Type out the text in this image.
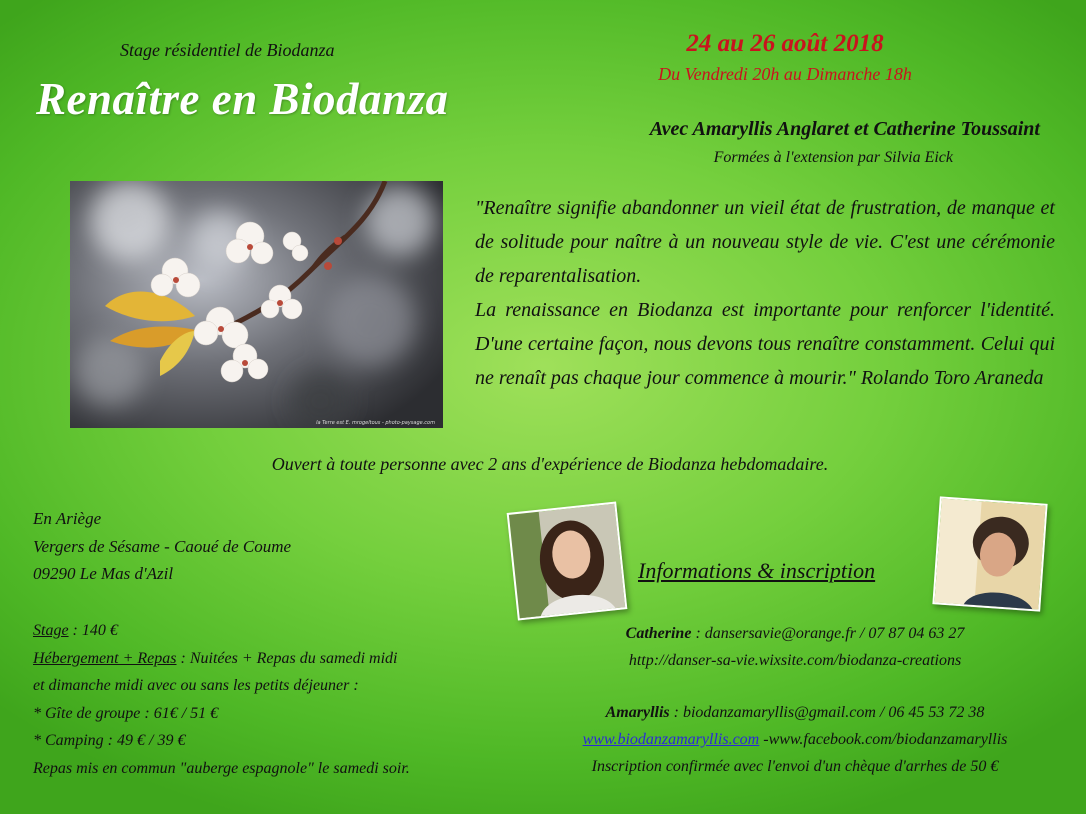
Stage résidentiel de Biodanza
Renaître en Biodanza
24 au 26 août 2018
Du Vendredi 20h au Dimanche 18h
Avec Amaryllis Anglaret et Catherine Toussaint
Formées à l'extension par Silvia Eick
la Terre est E. mrogeltous - photo-paysage.com

"Renaître signifie abandonner un vieil état de frustration, de manque et de solitude pour naître à un nouveau style de vie. C'est une cérémonie de reparentalisation.

La renaissance en Biodanza est importante pour renforcer l'identité. D'une certaine façon, nous devons tous renaître constamment. Celui qui ne renaît pas chaque jour commence à mourir." Rolando Toro Araneda

Ouvert à toute personne avec 2 ans d'expérience de Biodanza hebdomadaire.
En Ariège
Vergers de Sésame - Caoué de Coume
09290 Le Mas d'Azil
Stage : 140 €
Hébergement + Repas : Nuitées + Repas du samedi midi
et dimanche midi avec ou sans les petits déjeuner :
* Gîte de groupe : 61€ / 51 €
* Camping : 49 € / 39 €
Repas mis en commun "auberge espagnole" le samedi soir.
Informations & inscription
Catherine : dansersavie@orange.fr / 07 87 04 63 27
http://danser-sa-vie.wixsite.com/biodanza-creations
Amaryllis : biodanzamaryllis@gmail.com / 06 45 53 72 38
www.biodanzamaryllis.com -www.facebook.com/biodanzamaryllis
Inscription confirmée avec l'envoi d'un chèque d'arrhes de 50 €
